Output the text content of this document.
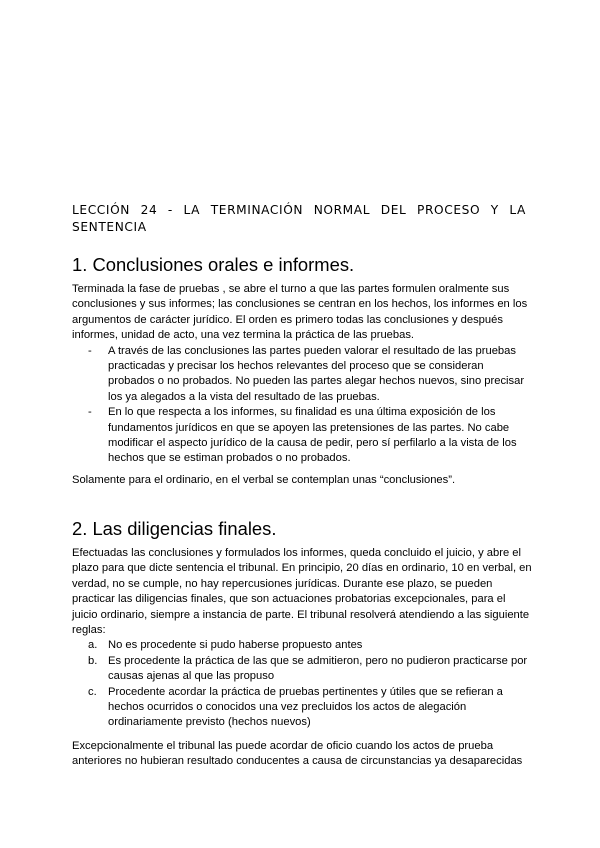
LECCIÓN 24 - LA TERMINACIÓN NORMAL DEL PROCESO Y LA SENTENCIA
1. Conclusiones orales e informes.

Terminada la fase de pruebas , se abre el turno a que las partes formulen oralmente sus conclusiones y sus informes; las conclusiones se centran en los hechos, los informes en los argumentos de carácter jurídico. El orden es primero todas las conclusiones y después informes, unidad de acto, una vez termina la práctica de las pruebas.

-	A través de las conclusiones las partes pueden valorar el resultado de las pruebas practicadas y precisar los hechos relevantes del proceso que se consideran probados o no probados. No pueden las partes alegar hechos nuevos, sino precisar los ya alegados a la vista del resultado de las pruebas.
-	En lo que respecta a los informes, su finalidad es una última exposición de los fundamentos jurídicos en que se apoyen las pretensiones de las partes. No cabe modificar el aspecto jurídico de la causa de pedir, pero sí perfilarlo a la vista de los hechos que se estiman probados o no probados.

Solamente para el ordinario, en el verbal se contemplan unas “conclusiones”.

2. Las diligencias finales.

Efectuadas las conclusiones y formulados los informes, queda concluido el juicio, y abre el plazo para que dicte sentencia el tribunal. En principio, 20 días en ordinario, 10 en verbal, en verdad, no se cumple, no hay repercusiones jurídicas. Durante ese plazo, se pueden practicar las diligencias finales, que son actuaciones probatorias excepcionales, para el juicio ordinario, siempre a instancia de parte. El tribunal resolverá atendiendo a las siguiente reglas:

a. No es procedente si pudo haberse propuesto antes
b. Es procedente la práctica de las que se admitieron, pero no pudieron practicarse por causas ajenas al que las propuso
c.	Procedente acordar la práctica de pruebas pertinentes y útiles que se refieran a hechos ocurridos o conocidos una vez precluidos los actos de alegación ordinariamente previsto (hechos nuevos)

Excepcionalmente el tribunal las puede acordar de oficio cuando los actos de prueba anteriores no hubieran resultado conducentes a causa de circunstancias ya desaparecidas
